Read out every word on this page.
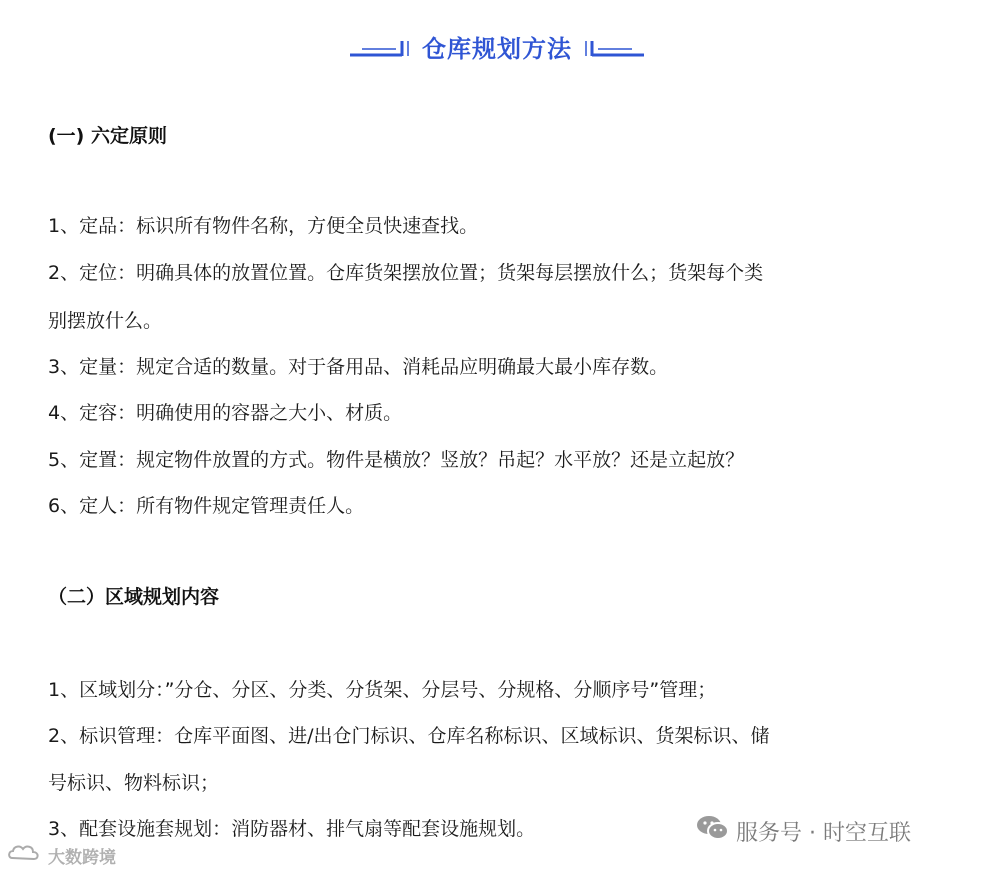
仓库规划方法
(一) 六定原则

1、定品：标识所有物件名称，方便全员快速查找。

2、定位：明确具体的放置位置。仓库货架摆放位置；货架每层摆放什么；货架每个类

别摆放什么。

3、定量：规定合适的数量。对于备用品、消耗品应明确最大最小库存数。

4、定容：明确使用的容器之大小、材质。

5、定置：规定物件放置的方式。物件是横放？竖放？吊起？水平放？还是立起放？

6、定人：所有物件规定管理责任人。

（二）区域规划内容

1、区域划分：”分仓、分区、分类、分货架、分层号、分规格、分顺序号”管理；

2、标识管理：仓库平面图、进/出仓门标识、仓库名称标识、区域标识、货架标识、储

号标识、物料标识；

3、配套设施套规划：消防器材、排气扇等配套设施规划。

大数跨境
服务号 · 时空互联
